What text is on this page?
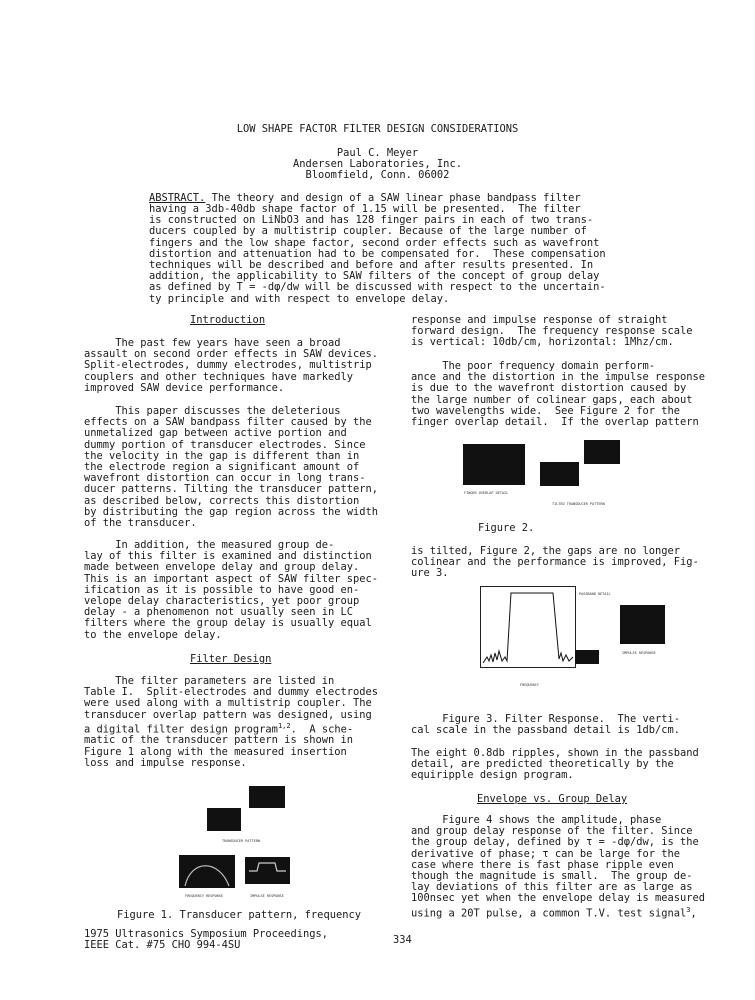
LOW SHAPE FACTOR FILTER DESIGN CONSIDERATIONS
Paul C. Meyer
Andersen Laboratories, Inc.
Bloomfield, Conn. 06002
ABSTRACT. The theory and design of a SAW linear phase bandpass filter
having a 3db-40db shape factor of 1.15 will be presented.  The filter
is constructed on LiNbO3 and has 128 finger pairs in each of two trans-
ducers coupled by a multistrip coupler. Because of the large number of
fingers and the low shape factor, second order effects such as wavefront
distortion and attenuation had to be compensated for.  These compensation
techniques will be described and before and after results presented. In
addition, the applicability to SAW filters of the concept of group delay
as defined by T = -dφ/dw will be discussed with respect to the uncertain-
ty principle and with respect to envelope delay.
Introduction
The past few years have seen a broad
assault on second order effects in SAW devices.
Split-electrodes, dummy electrodes, multistrip
couplers and other techniques have markedly
improved SAW device performance.
This paper discusses the deleterious
effects on a SAW bandpass filter caused by the
unmetalized gap between active portion and
dummy portion of transducer electrodes. Since
the velocity in the gap is different than in
the electrode region a significant amount of
wavefront distortion can occur in long trans-
ducer patterns. Tilting the transducer pattern,
as described below, corrects this distortion
by distributing the gap region across the width
of the transducer.
In addition, the measured group de-
lay of this filter is examined and distinction
made between envelope delay and group delay.
This is an important aspect of SAW filter spec-
ification as it is possible to have good en-
velope delay characteristics, yet poor group
delay - a phenomenon not usually seen in LC
filters where the group delay is usually equal
to the envelope delay.
Filter Design
The filter parameters are listed in
Table I.  Split-electrodes and dummy electrodes
were used along with a multistrip coupler. The
transducer overlap pattern was designed, using
a digital filter design program$^{1,2}$.  A sche-
matic of the transducer pattern is shown in
Figure 1 along with the measured insertion
loss and impulse response.
TRANSDUCER PATTERN
FREQUENCY RESPONSE	IMPULSE RESPONSE
Figure 1. Transducer pattern, frequency
response and impulse response of straight
forward design.  The frequency response scale
is vertical: 10db/cm, horizontal: 1Mhz/cm.
The poor frequency domain perform-
ance and the distortion in the impulse response
is due to the wavefront distortion caused by
the large number of colinear gaps, each about
two wavelengths wide.  See Figure 2 for the
finger overlap detail.  If the overlap pattern
FINGER OVERLAP DETAIL
TILTED TRANSDUCER PATTERN
Figure 2.
is tilted, Figure 2, the gaps are no longer
colinear and the performance is improved, Fig-
ure 3.
PASSBAND DETAIL
IMPULSE RESPONSE
FREQUENCY
Figure 3. Filter Response.  The verti-
cal scale in the passband detail is 1db/cm.
The eight 0.8db ripples, shown in the passband
detail, are predicted theoretically by the
equiripple design program.
Envelope vs. Group Delay
Figure 4 shows the amplitude, phase
and group delay response of the filter. Since
the group delay, defined by τ = -dφ/dw, is the
derivative of phase; τ can be large for the
case where there is fast phase ripple even
though the magnitude is small.  The group de-
lay deviations of this filter are as large as
100nsec yet when the envelope delay is measured
using a 20T pulse, a common T.V. test signal$^3$,
1975 Ultrasonics Symposium Proceedings,
IEEE Cat. #75 CHO 994-4SU	334
